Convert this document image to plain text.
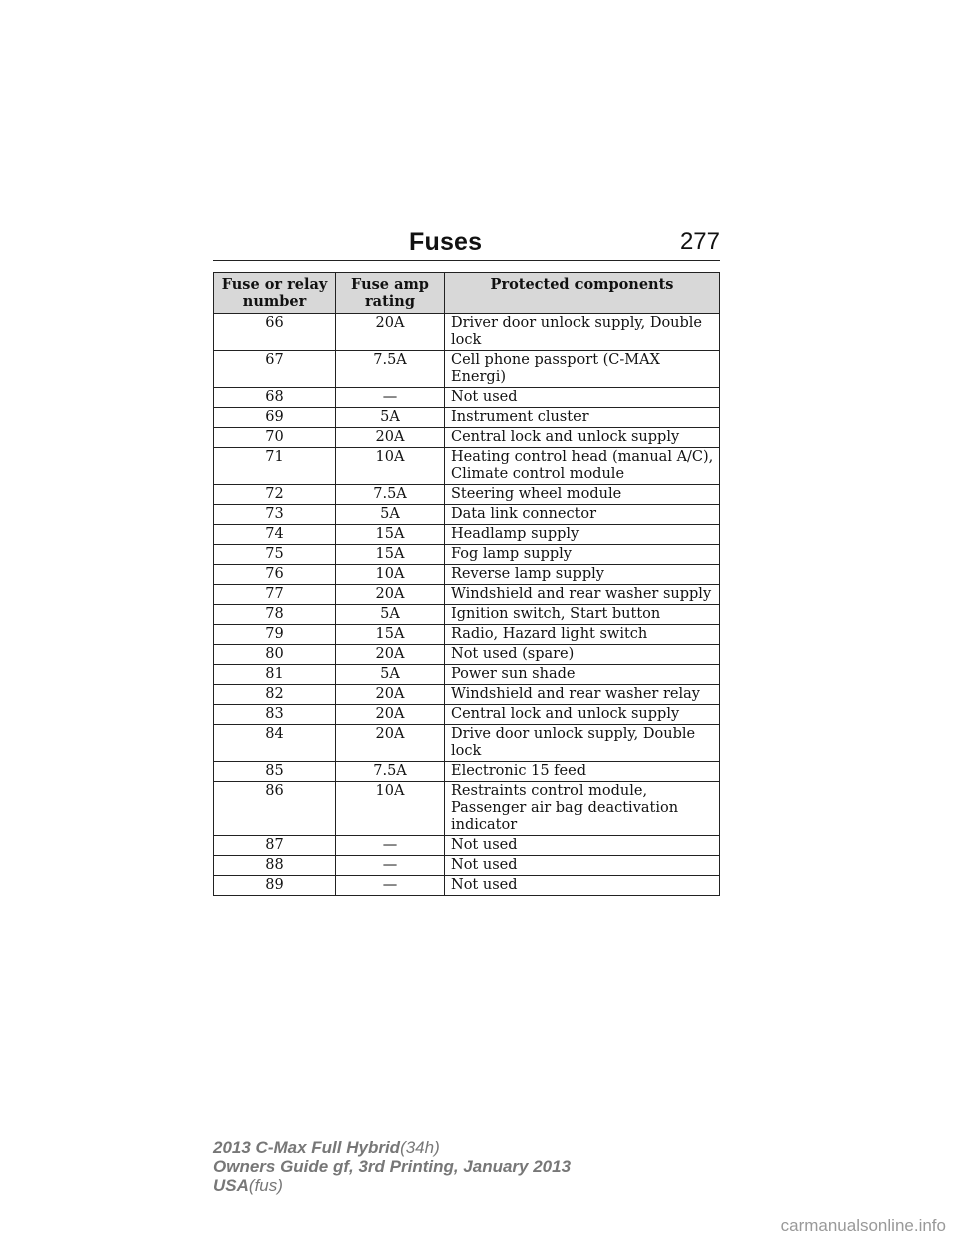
Fuses	277
Fuse or relay number	Fuse amp rating	Protected components
66	20A	Driver door unlock supply, Double lock
67	7.5A	Cell phone passport (C-MAX Energi)
68	—	Not used
69	5A	Instrument cluster
70	20A	Central lock and unlock supply
71	10A	Heating control head (manual A/C), Climate control module
72	7.5A	Steering wheel module
73	5A	Data link connector
74	15A	Headlamp supply
75	15A	Fog lamp supply
76	10A	Reverse lamp supply
77	20A	Windshield and rear washer supply
78	5A	Ignition switch, Start button
79	15A	Radio, Hazard light switch
80	20A	Not used (spare)
81	5A	Power sun shade
82	20A	Windshield and rear washer relay
83	20A	Central lock and unlock supply
84	20A	Drive door unlock supply, Double lock
85	7.5A	Electronic 15 feed
86	10A	Restraints control module, Passenger air bag deactivation indicator
87	—	Not used
88	—	Not used
89	—	Not used
2013 C-Max Full Hybrid(34h)
Owners Guide gf, 3rd Printing, January 2013
USA(fus)
carmanualsonline.info
